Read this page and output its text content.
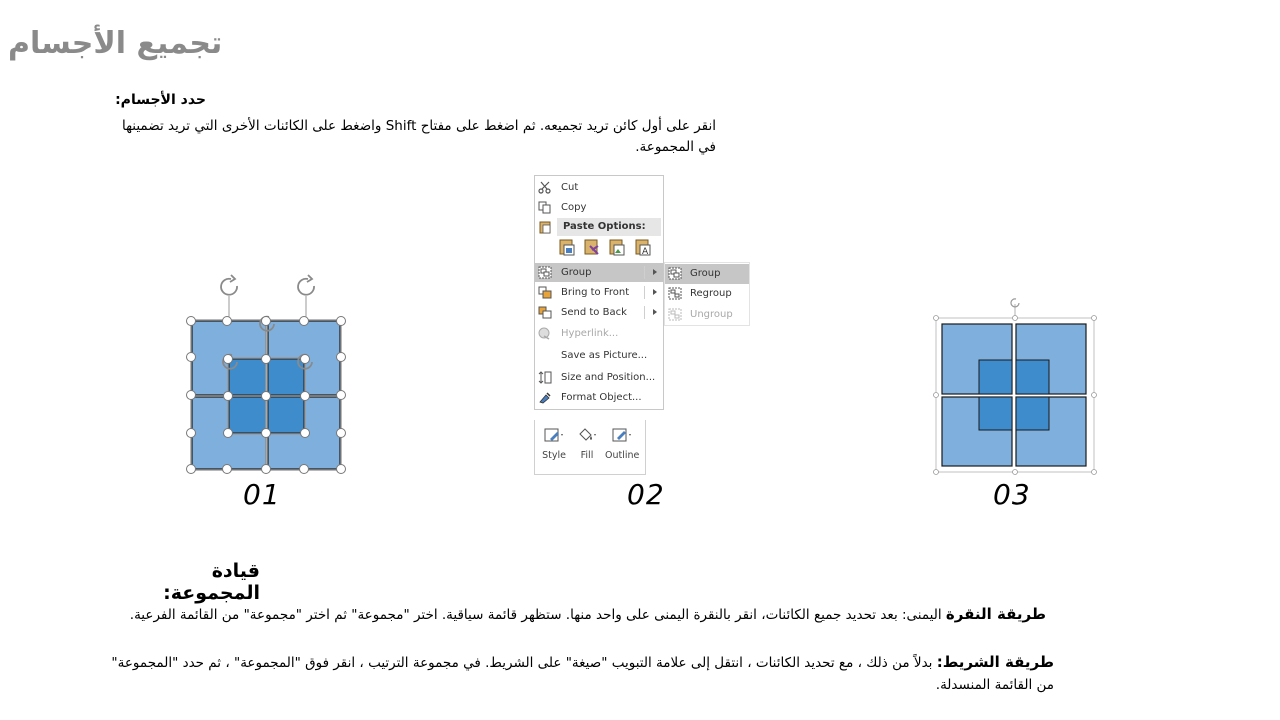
تجميع الأجسام
حدد الأجسام:
انقر على أول كائن تريد تجميعه. ثم اضغط على مفتاح Shift واضغط على الكائنات الأخرى التي تريد تضمينها في المجموعة.
Cut
Copy
Paste Options:

A
Group
Bring to Front
Send to Back
Hyperlink...
Save as Picture...
Size and Position...
Format Object...
Group
Regroup
Ungroup
Style	Fill	Outline
01	02	03
قيادة المجموعة:
طريقة النقرة اليمنى: بعد تحديد جميع الكائنات، انقر بالنقرة اليمنى على واحد منها. ستظهر قائمة سياقية. اختر "مجموعة" ثم اختر "مجموعة" من القائمة الفرعية.
طريقة الشريط: بدلاً من ذلك ، مع تحديد الكائنات ، انتقل إلى علامة التبويب "صيغة" على الشريط. في مجموعة الترتيب ، انقر فوق "المجموعة" ، ثم حدد "المجموعة" من القائمة المنسدلة.
